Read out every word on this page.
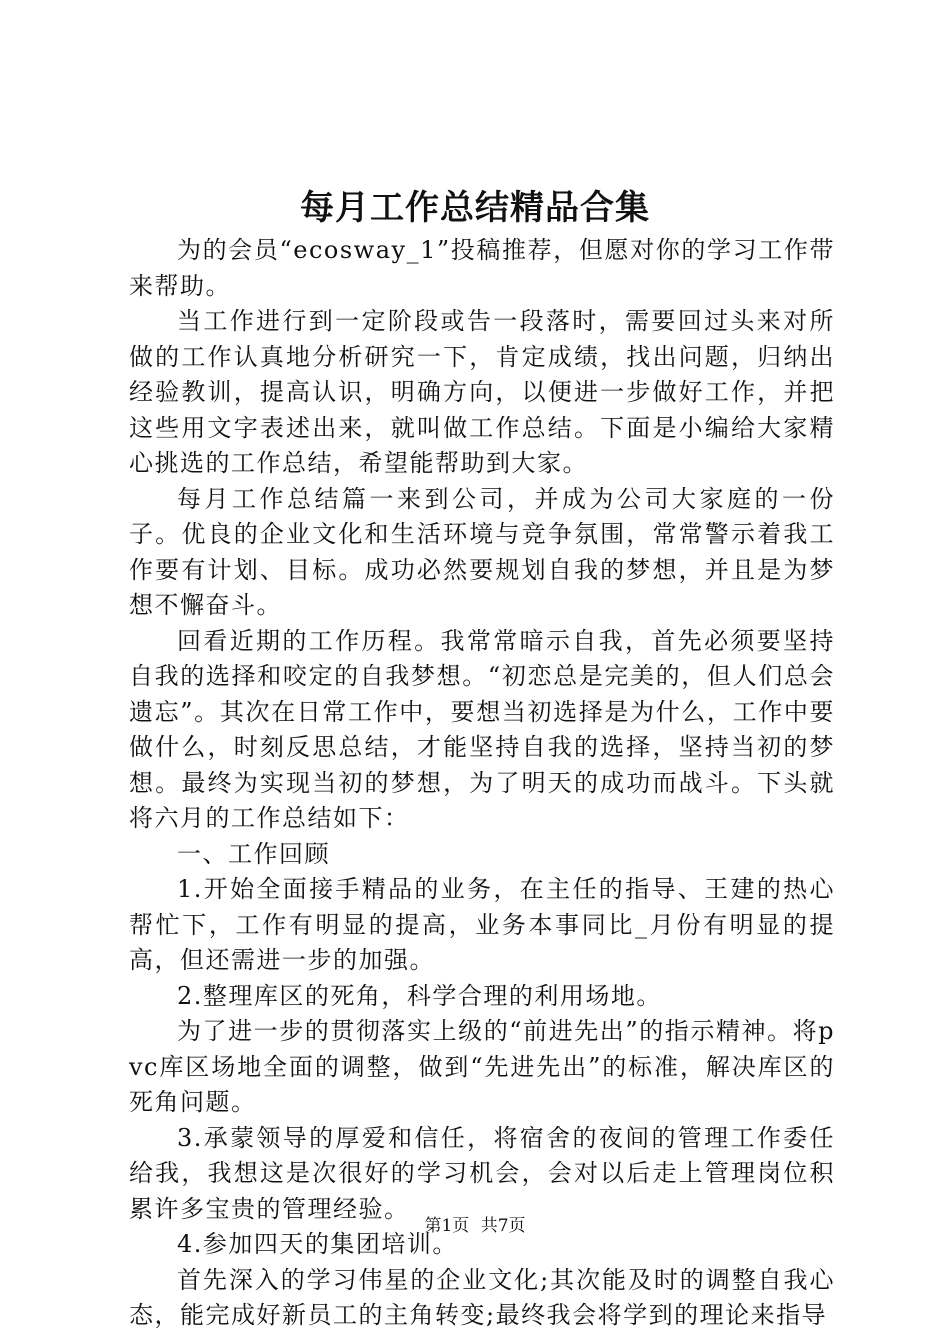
每月工作总结精品合集

为的会员“ecosway_1”投稿推荐，但愿对你的学习工作带来帮助。

当工作进行到一定阶段或告一段落时，需要回过头来对所做的工作认真地分析研究一下，肯定成绩，找出问题，归纳出经验教训，提高认识，明确方向，以便进一步做好工作，并把这些用文字表述出来，就叫做工作总结。下面是小编给大家精心挑选的工作总结，希望能帮助到大家。

每月工作总结篇一来到公司，并成为公司大家庭的一份子。优良的企业文化和生活环境与竞争氛围，常常警示着我工作要有计划、目标。成功必然要规划自我的梦想，并且是为梦想不懈奋斗。

回看近期的工作历程。我常常暗示自我，首先必须要坚持自我的选择和咬定的自我梦想。“初恋总是完美的，但人们总会遗忘”。其次在日常工作中，要想当初选择是为什么，工作中要做什么，时刻反思总结，才能坚持自我的选择，坚持当初的梦想。最终为实现当初的梦想，为了明天的成功而战斗。下头就将六月的工作总结如下：

一、工作回顾

1.开始全面接手精品的业务，在主任的指导、王建的热心帮忙下，工作有明显的提高，业务本事同比_月份有明显的提高，但还需进一步的加强。

2.整理库区的死角，科学合理的利用场地。

为了进一步的贯彻落实上级的“前进先出”的指示精神。将pvc库区场地全面的调整，做到“先进先出”的标准，解决库区的死角问题。

3.承蒙领导的厚爱和信任，将宿舍的夜间的管理工作委任给我，我想这是次很好的学习机会，会对以后走上管理岗位积累许多宝贵的管理经验。

4.参加四天的集团培训。

首先深入的学习伟星的企业文化;其次能及时的调整自我心态，能完成好新员工的主角转变;最终我会将学到的理论来指导

第1页 共7页
